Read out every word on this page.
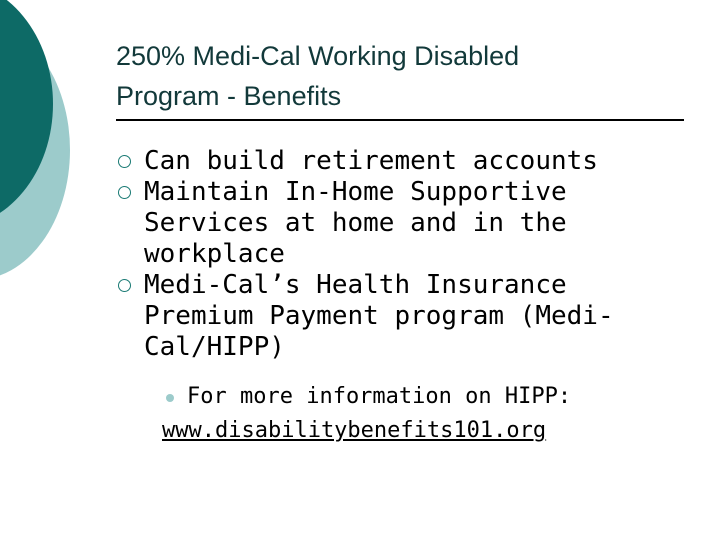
250% Medi-Cal Working Disabled
Program - Benefits
Can build retirement accounts
Maintain In-Home Supportive Services at home and in the workplace
Medi-Cal’s Health Insurance Premium Payment program (Medi-Cal/HIPP)
For more information on HIPP:
www.disabilitybenefits101.org
